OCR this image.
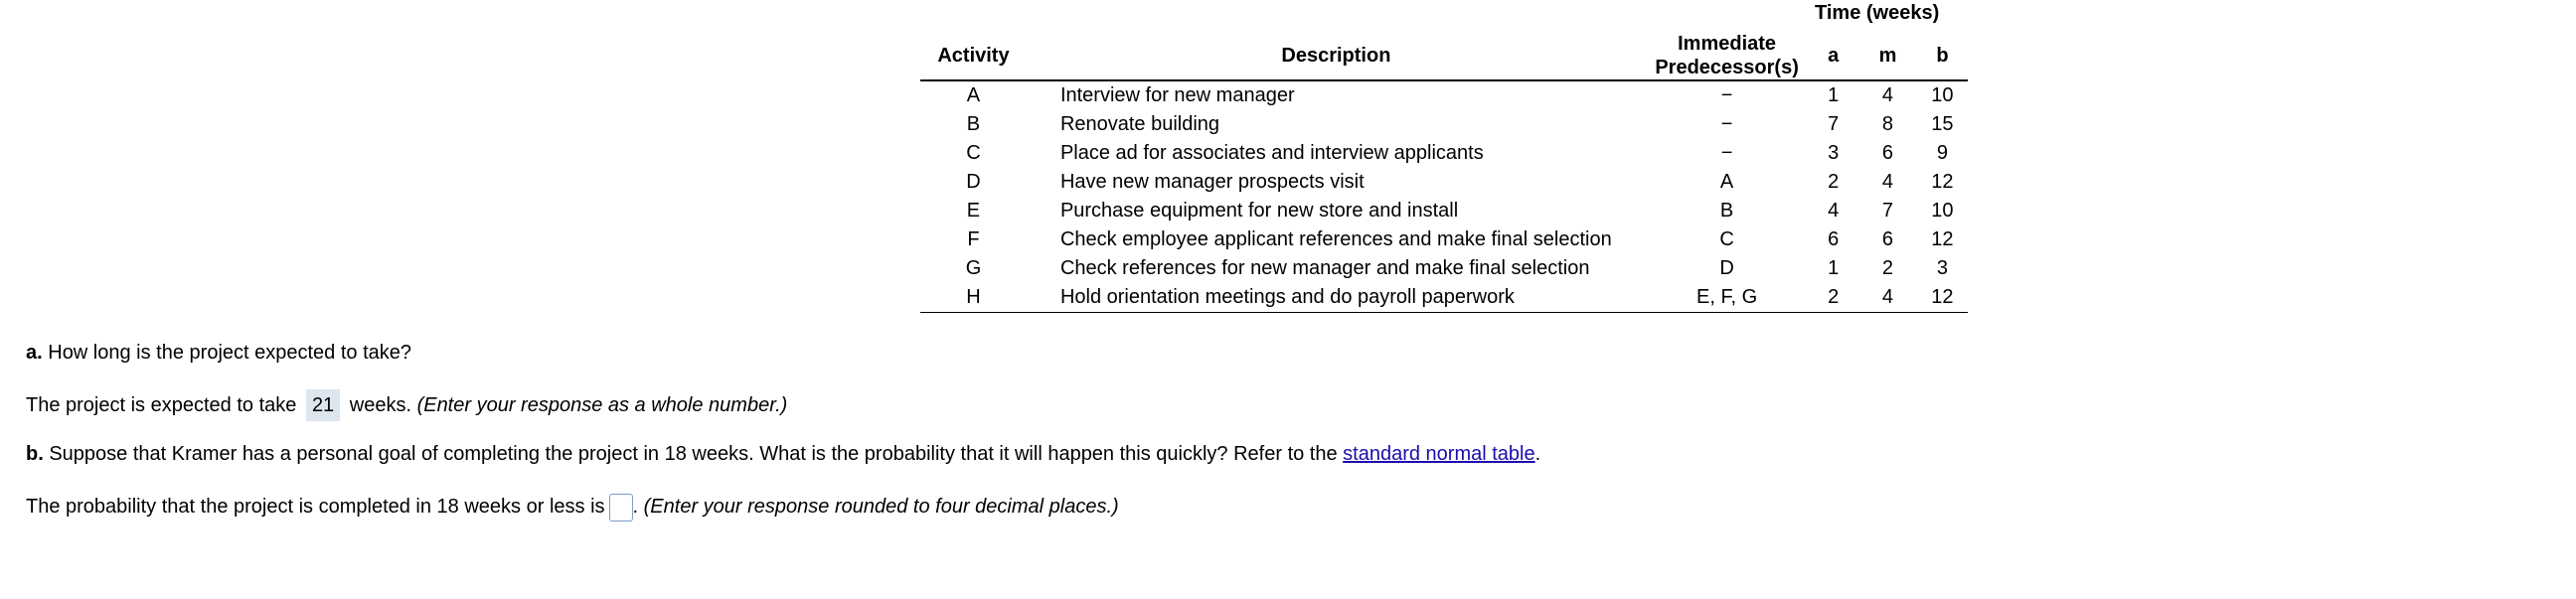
Time (weeks)
Activity	Description	Immediate
Predecessor(s)	a	m	b
A	Interview for new manager	−	1	4	10
B	Renovate building	−	7	8	15
C	Place ad for associates and interview applicants	−	3	6	9
D	Have new manager prospects visit	A	2	4	12
E	Purchase equipment for new store and install	B	4	7	10
F	Check employee applicant references and make final selection	C	6	6	12
G	Check references for new manager and make final selection	D	1	2	3
H	Hold orientation meetings and do payroll paperwork	E, F, G	2	4	12
a. How long is the project expected to take?
The project is expected to take 21 weeks. (Enter your response as a whole number.)
b. Suppose that Kramer has a personal goal of completing the project in 18 weeks. What is the probability that it will happen this quickly? Refer to the standard normal table.
The probability that the project is completed in 18 weeks or less is . (Enter your response rounded to four decimal places.)
